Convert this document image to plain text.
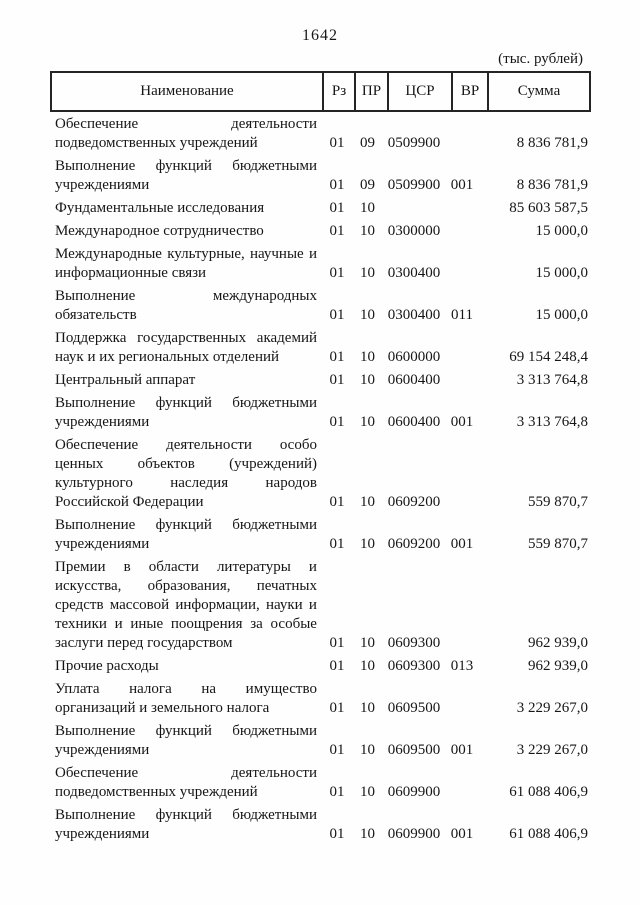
1642
(тыс. рублей)
Наименование	Рз	ПР	ЦСР	ВР	Сумма
Обеспечение	деятельности
подведомственных учреждений	01	09 0509900	8 836 781,9
Выполнение функций бюджетными
учреждениями	01	09 0509900 001	8 836 781,9
Фундаментальные исследования	01	10	85 603 587,5
Международное сотрудничество	01	10 0300000	15 000,0
Международные культурные, научные и
информационные связи	01	10 0300400	15 000,0
Выполнение	международных
обязательств	01	10 0300400 011	15 000,0
Поддержка государственных академий
наук и их региональных отделений	01	10 0600000	69 154 248,4
Центральный аппарат	01	10 0600400	3 313 764,8
Выполнение функций бюджетными
учреждениями	01	10 0600400 001	3 313 764,8
Обеспечение деятельности особо
ценных объектов (учреждений)
культурного наследия народов
Российской Федерации	01	10 0609200	559 870,7
Выполнение функций бюджетными
учреждениями	01	10 0609200 001	559 870,7
Премии в области литературы и
искусства, образования, печатных
средств массовой информации, науки и
техники и иные поощрения за особые
заслуги перед государством	01	10 0609300	962 939,0
Прочие расходы	01	10 0609300 013	962 939,0
Уплата налога на имущество
организаций и земельного налога	01	10 0609500	3 229 267,0
Выполнение функций бюджетными
учреждениями	01	10 0609500 001	3 229 267,0
Обеспечение	деятельности
подведомственных учреждений	01	10 0609900	61 088 406,9
Выполнение функций бюджетными
учреждениями	01	10 0609900 001	61 088 406,9
